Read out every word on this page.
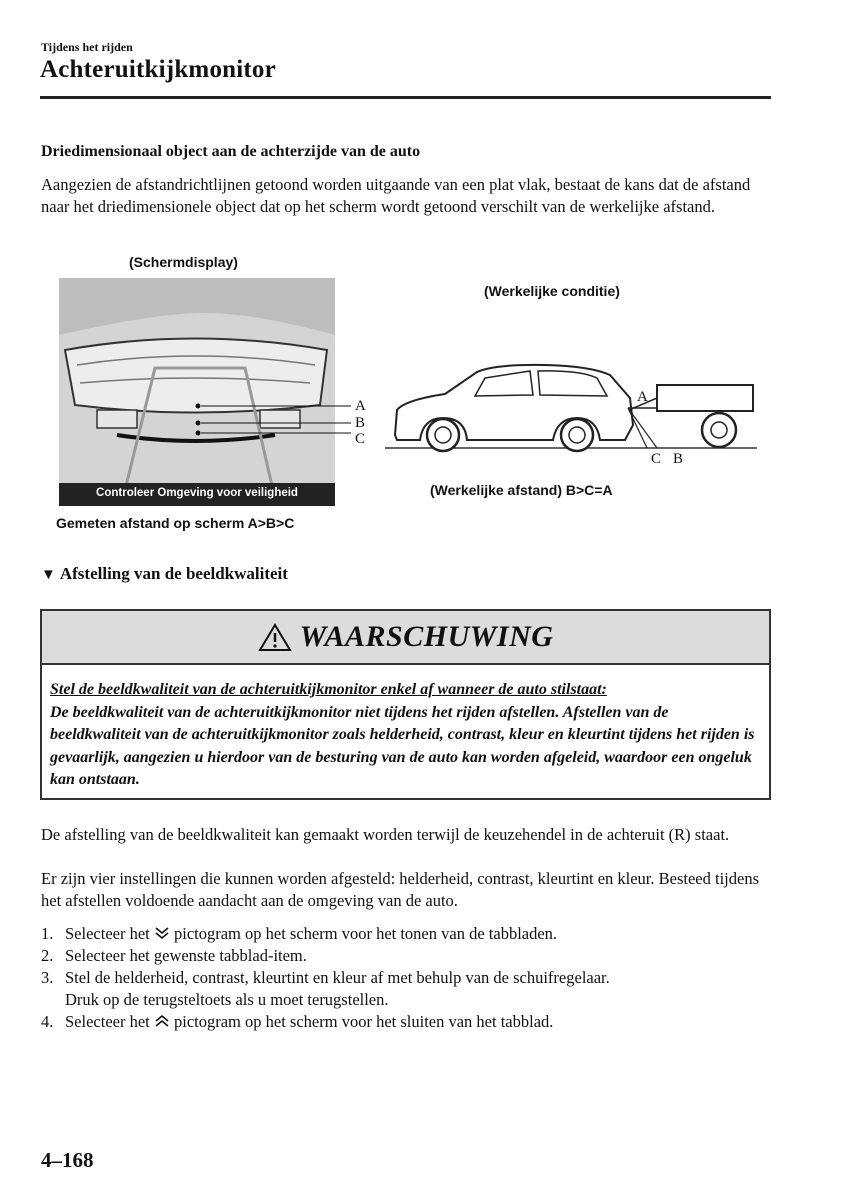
Tijdens het rijden
Achteruitkijkmonitor
Driedimensionaal object aan de achterzijde van de auto
Aangezien de afstandrichtlijnen getoond worden uitgaande van een plat vlak, bestaat de kans dat de afstand naar het driedimensionele object dat op het scherm wordt getoond verschilt van de werkelijke afstand.
(Schermdisplay)
Controleer Omgeving voor veiligheid
A
B
C
Gemeten afstand op scherm A>B>C
(Werkelijke conditie)
A
C B
(Werkelijke afstand) B>C=A
▼ Afstelling van de beeldkwaliteit
WAARSCHUWING
Stel de beeldkwaliteit van de achteruitkijkmonitor enkel af wanneer de auto stilstaat:
De beeldkwaliteit van de achteruitkijkmonitor niet tijdens het rijden afstellen. Afstellen van de beeldkwaliteit van de achteruitkijkmonitor zoals helderheid, contrast, kleur en kleurtint tijdens het rijden is gevaarlijk, aangezien u hierdoor van de besturing van de auto kan worden afgeleid, waardoor een ongeluk kan ontstaan.
De afstelling van de beeldkwaliteit kan gemaakt worden terwijl de keuzehendel in de achteruit (R) staat.
Er zijn vier instellingen die kunnen worden afgesteld: helderheid, contrast, kleurtint en kleur. Besteed tijdens het afstellen voldoende aandacht aan de omgeving van de auto.
1. Selecteer het pictogram op het scherm voor het tonen van de tabbladen.
2. Selecteer het gewenste tabblad-item.
3. Stel de helderheid, contrast, kleurtint en kleur af met behulp van de schuifregelaar.
Druk op de terugsteltoets als u moet terugstellen.
4. Selecteer het pictogram op het scherm voor het sluiten van het tabblad.
4–168
